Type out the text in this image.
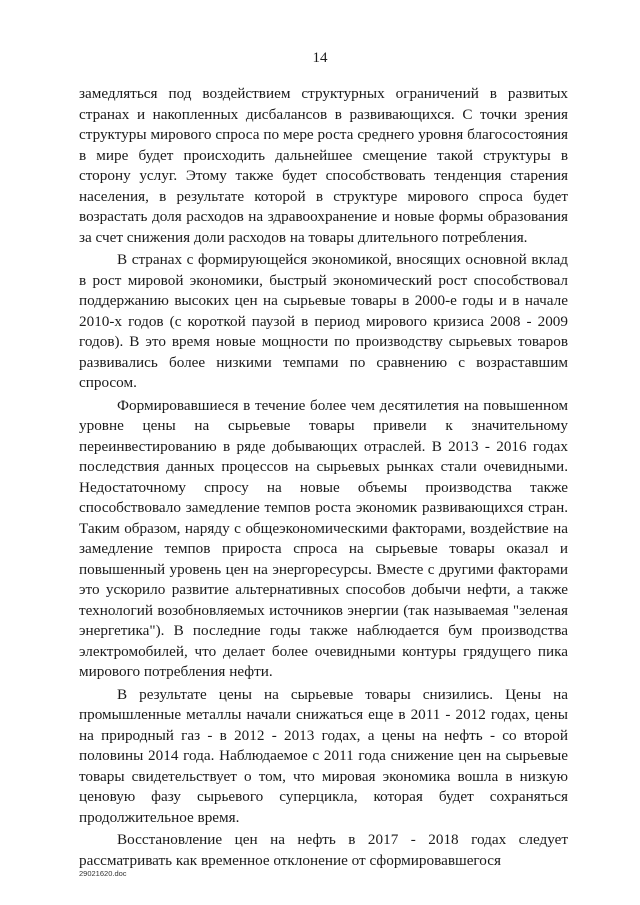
14

замедляться под воздействием структурных ограничений в развитых странах и накопленных дисбалансов в развивающихся. С точки зрения структуры мирового спроса по мере роста среднего уровня благосостояния в мире будет происходить дальнейшее смещение такой структуры в сторону услуг. Этому также будет способствовать тенденция старения населения, в результате которой в структуре мирового спроса будет возрастать доля расходов на здравоохранение и новые формы образования за счет снижения доли расходов на товары длительного потребления.

В странах с формирующейся экономикой, вносящих основной вклад в рост мировой экономики, быстрый экономический рост способствовал поддержанию высоких цен на сырьевые товары в 2000-е годы и в начале 2010-х годов (с короткой паузой в период мирового кризиса 2008 - 2009 годов). В это время новые мощности по производству сырьевых товаров развивались более низкими темпами по сравнению с возраставшим спросом.

Формировавшиеся в течение более чем десятилетия на повышенном уровне цены на сырьевые товары привели к значительному переинвестированию в ряде добывающих отраслей. В 2013 - 2016 годах последствия данных процессов на сырьевых рынках стали очевидными. Недостаточному спросу на новые объемы производства также способствовало замедление темпов роста экономик развивающихся стран. Таким образом, наряду с общеэкономическими факторами, воздействие на замедление темпов прироста спроса на сырьевые товары оказал и повышенный уровень цен на энергоресурсы. Вместе с другими факторами это ускорило развитие альтернативных способов добычи нефти, а также технологий возобновляемых источников энергии (так называемая "зеленая энергетика"). В последние годы также наблюдается бум производства электромобилей, что делает более очевидными контуры грядущего пика мирового потребления нефти.

В результате цены на сырьевые товары снизились. Цены на промышленные металлы начали снижаться еще в 2011 - 2012 годах, цены на природный газ - в 2012 - 2013 годах, а цены на нефть - со второй половины 2014 года. Наблюдаемое с 2011 года снижение цен на сырьевые товары свидетельствует о том, что мировая экономика вошла в низкую ценовую фазу сырьевого суперцикла, которая будет сохраняться продолжительное время.

Восстановление цен на нефть в 2017 - 2018 годах следует рассматривать как временное отклонение от сформировавшегося

29021620.doc
